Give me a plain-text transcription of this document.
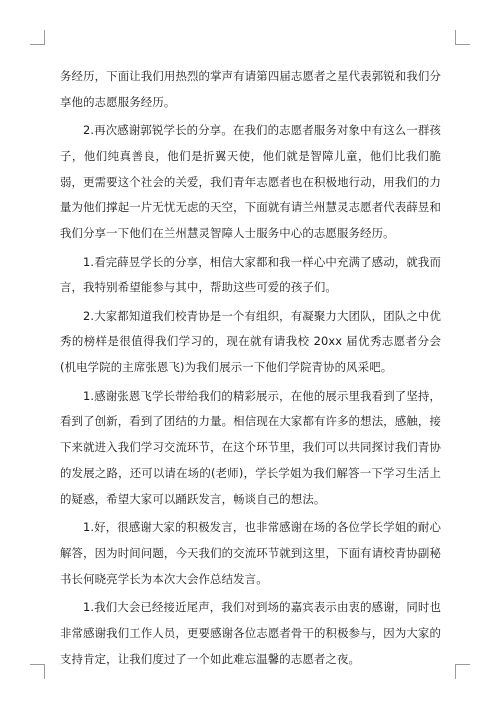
务经历，下面让我们用热烈的掌声有请第四届志愿者之星代表郭锐和我们分享他的志愿服务经历。

2.再次感谢郭锐学长的分享。在我们的志愿者服务对象中有这么一群孩子，他们纯真善良，他们是折翼天使，他们就是智障儿童，他们比我们脆弱，更需要这个社会的关爱，我们青年志愿者也在积极地行动，用我们的力量为他们撑起一片无忧无虑的天空，下面就有请兰州慧灵志愿者代表薛昱和我们分享一下他们在兰州慧灵智障人士服务中心的志愿服务经历。

1.看完薛昱学长的分享，相信大家都和我一样心中充满了感动，就我而言，我特别希望能参与其中，帮助这些可爱的孩子们。

2.大家都知道我们校青协是一个有组织，有凝聚力大团队，团队之中优秀的榜样是很值得我们学习的，现在就有请我校 20xx 届优秀志愿者分会(机电学院的主席张恩飞)为我们展示一下他们学院青协的风采吧。

1.感谢张恩飞学长带给我们的精彩展示，在他的展示里我看到了坚持，看到了创新，看到了团结的力量。相信现在大家都有许多的想法，感触，接下来就进入我们学习交流环节，在这个环节里，我们可以共同探讨我们青协的发展之路，还可以请在场的(老师)，学长学姐为我们解答一下学习生活上的疑惑，希望大家可以踊跃发言，畅谈自己的想法。

1.好，很感谢大家的积极发言，也非常感谢在场的各位学长学姐的耐心解答，因为时间问题，今天我们的交流环节就到这里，下面有请校青协副秘书长何晓亮学长为本次大会作总结发言。

1.我们大会已经接近尾声，我们对到场的嘉宾表示由衷的感谢，同时也非常感谢我们工作人员，更要感谢各位志愿者骨干的积极参与，因为大家的支持肯定，让我们度过了一个如此难忘温馨的志愿者之夜。
